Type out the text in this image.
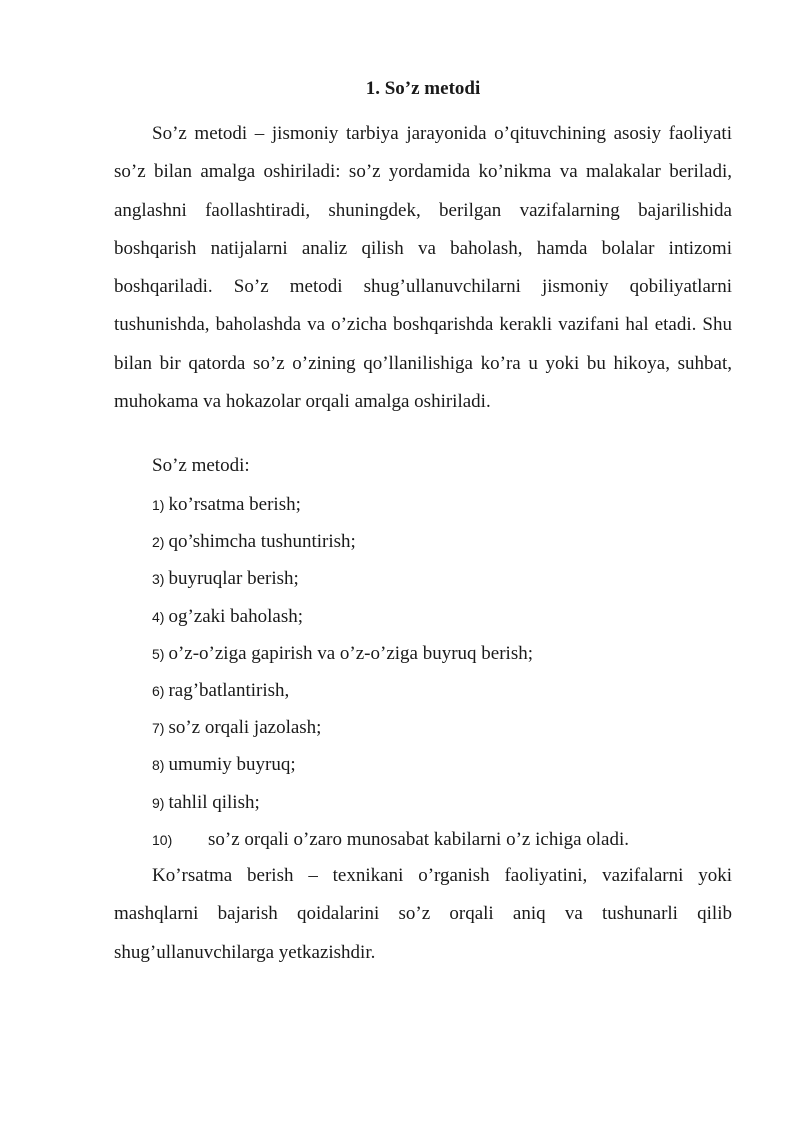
1. So’z metodi

So’z metodi – jismoniy tarbiya jarayonida o’qituvchining asosiy faoliyati so’z bilan amalga oshiriladi: so’z yordamida ko’nikma va malakalar beriladi, anglashni faollashtiradi, shuningdek, berilgan vazifalarning bajarilishida boshqarish natijalarni analiz qilish va baholash, hamda bolalar intizomi boshqariladi. So’z metodi shug’ullanuvchilarni jismoniy qobiliyatlarni tushunishda, baholashda va o’zicha boshqarishda kerakli vazifani hal etadi. Shu bilan bir qatorda so’z o’zining qo’llanilishiga ko’ra u yoki bu hikoya, suhbat, muhokama va hokazolar orqali amalga oshiriladi.

So’z metodi:

1) ko’rsatma berish;
2) qo’shimcha tushuntirish;
3) buyruqlar berish;
4) og’zaki baholash;
5) o’z-o’ziga gapirish va o’z-o’ziga buyruq berish;
6) rag’batlantirish,
7) so’z orqali jazolash;
8) umumiy buyruq;
9) tahlil qilish;
10) so’z orqali o’zaro munosabat kabilarni o’z ichiga oladi.

Ko’rsatma berish – texnikani o’rganish faoliyatini, vazifalarni yoki mashqlarni bajarish qoidalarini so’z orqali aniq va tushunarli qilib shug’ullanuvchilarga yetkazishdir.
